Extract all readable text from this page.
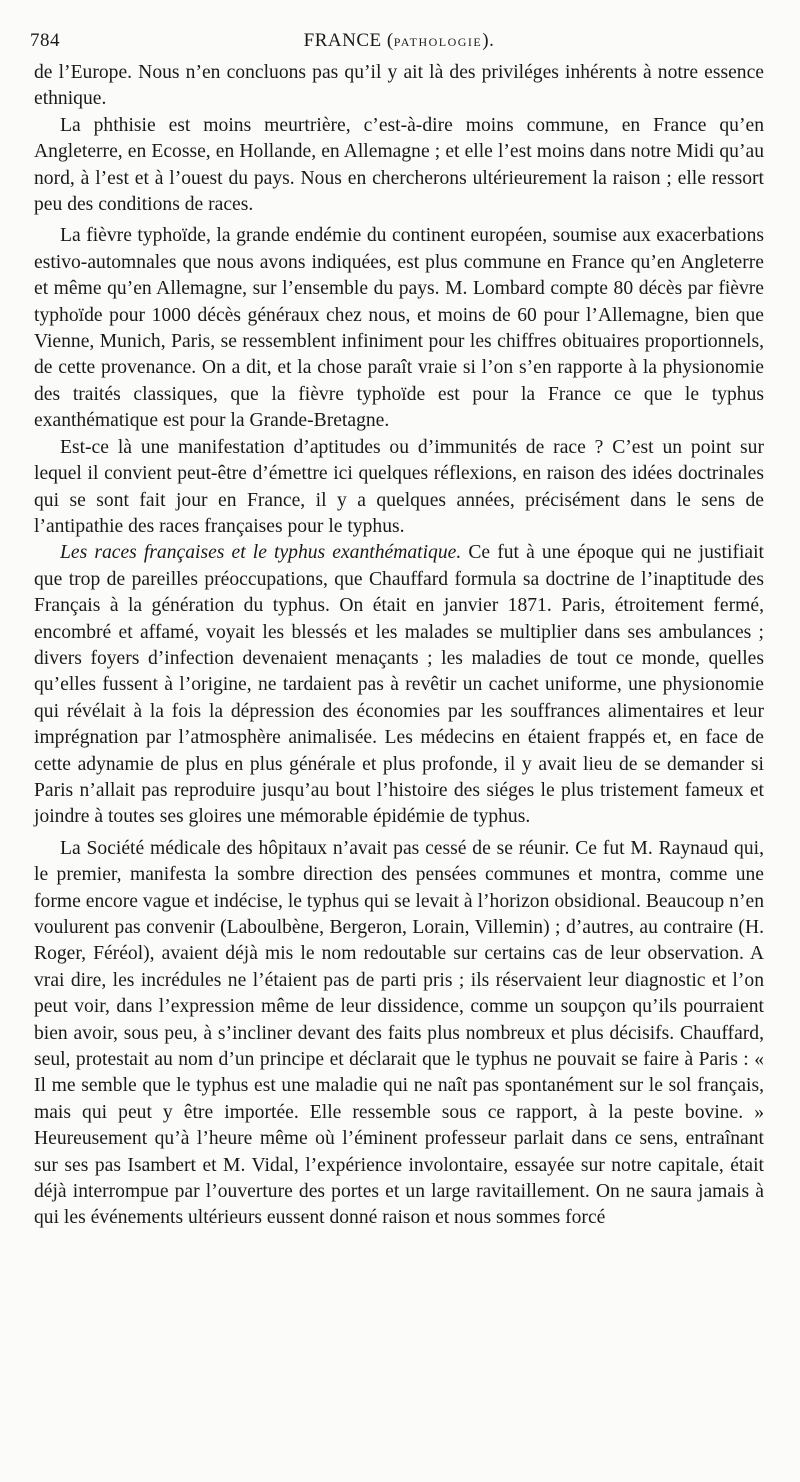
784	FRANCE (PATHOLOGIE).

de l’Europe. Nous n’en concluons pas qu’il y ait là des priviléges inhérents à notre essence ethnique.

La phthisie est moins meurtrière, c’est-à-dire moins commune, en France qu’en Angleterre, en Ecosse, en Hollande, en Allemagne ; et elle l’est moins dans notre Midi qu’au nord, à l’est et à l’ouest du pays. Nous en chercherons ultérieurement la raison ; elle ressort peu des conditions de races.

La fièvre typhoïde, la grande endémie du continent européen, soumise aux exacerbations estivo-automnales que nous avons indiquées, est plus commune en France qu’en Angleterre et même qu’en Allemagne, sur l’ensemble du pays. M. Lombard compte 80 décès par fièvre typhoïde pour 1000 décès généraux chez nous, et moins de 60 pour l’Allemagne, bien que Vienne, Munich, Paris, se ressemblent infiniment pour les chiffres obituaires proportionnels, de cette provenance. On a dit, et la chose paraît vraie si l’on s’en rapporte à la physionomie des traités classiques, que la fièvre typhoïde est pour la France ce que le typhus exanthématique est pour la Grande-Bretagne.

Est-ce là une manifestation d’aptitudes ou d’immunités de race ? C’est un point sur lequel il convient peut-être d’émettre ici quelques réflexions, en raison des idées doctrinales qui se sont fait jour en France, il y a quelques années, précisément dans le sens de l’antipathie des races françaises pour le typhus.

Les races françaises et le typhus exanthématique. Ce fut à une époque qui ne justifiait que trop de pareilles préoccupations, que Chauffard formula sa doctrine de l’inaptitude des Français à la génération du typhus. On était en janvier 1871. Paris, étroitement fermé, encombré et affamé, voyait les blessés et les malades se multiplier dans ses ambulances ; divers foyers d’infection devenaient menaçants ; les maladies de tout ce monde, quelles qu’elles fussent à l’origine, ne tardaient pas à revêtir un cachet uniforme, une physionomie qui révélait à la fois la dépression des économies par les souffrances alimentaires et leur imprégnation par l’atmosphère animalisée. Les médecins en étaient frappés et, en face de cette adynamie de plus en plus générale et plus profonde, il y avait lieu de se demander si Paris n’allait pas reproduire jusqu’au bout l’histoire des siéges le plus tristement fameux et joindre à toutes ses gloires une mémorable épidémie de typhus.

La Société médicale des hôpitaux n’avait pas cessé de se réunir. Ce fut M. Raynaud qui, le premier, manifesta la sombre direction des pensées communes et montra, comme une forme encore vague et indécise, le typhus qui se levait à l’horizon obsidional. Beaucoup n’en voulurent pas convenir (Laboulbène, Bergeron, Lorain, Villemin) ; d’autres, au contraire (H. Roger, Féréol), avaient déjà mis le nom redoutable sur certains cas de leur observation. A vrai dire, les incrédules ne l’étaient pas de parti pris ; ils réservaient leur diagnostic et l’on peut voir, dans l’expression même de leur dissidence, comme un soupçon qu’ils pourraient bien avoir, sous peu, à s’incliner devant des faits plus nombreux et plus décisifs. Chauffard, seul, protestait au nom d’un principe et déclarait que le typhus ne pouvait se faire à Paris : « Il me semble que le typhus est une maladie qui ne naît pas spontanément sur le sol français, mais qui peut y être importée. Elle ressemble sous ce rapport, à la peste bovine. » Heureusement qu’à l’heure même où l’éminent professeur parlait dans ce sens, entraînant sur ses pas Isambert et M. Vidal, l’expérience involontaire, essayée sur notre capitale, était déjà interrompue par l’ouverture des portes et un large ravitaillement. On ne saura jamais à qui les événements ultérieurs eussent donné raison et nous sommes forcé
